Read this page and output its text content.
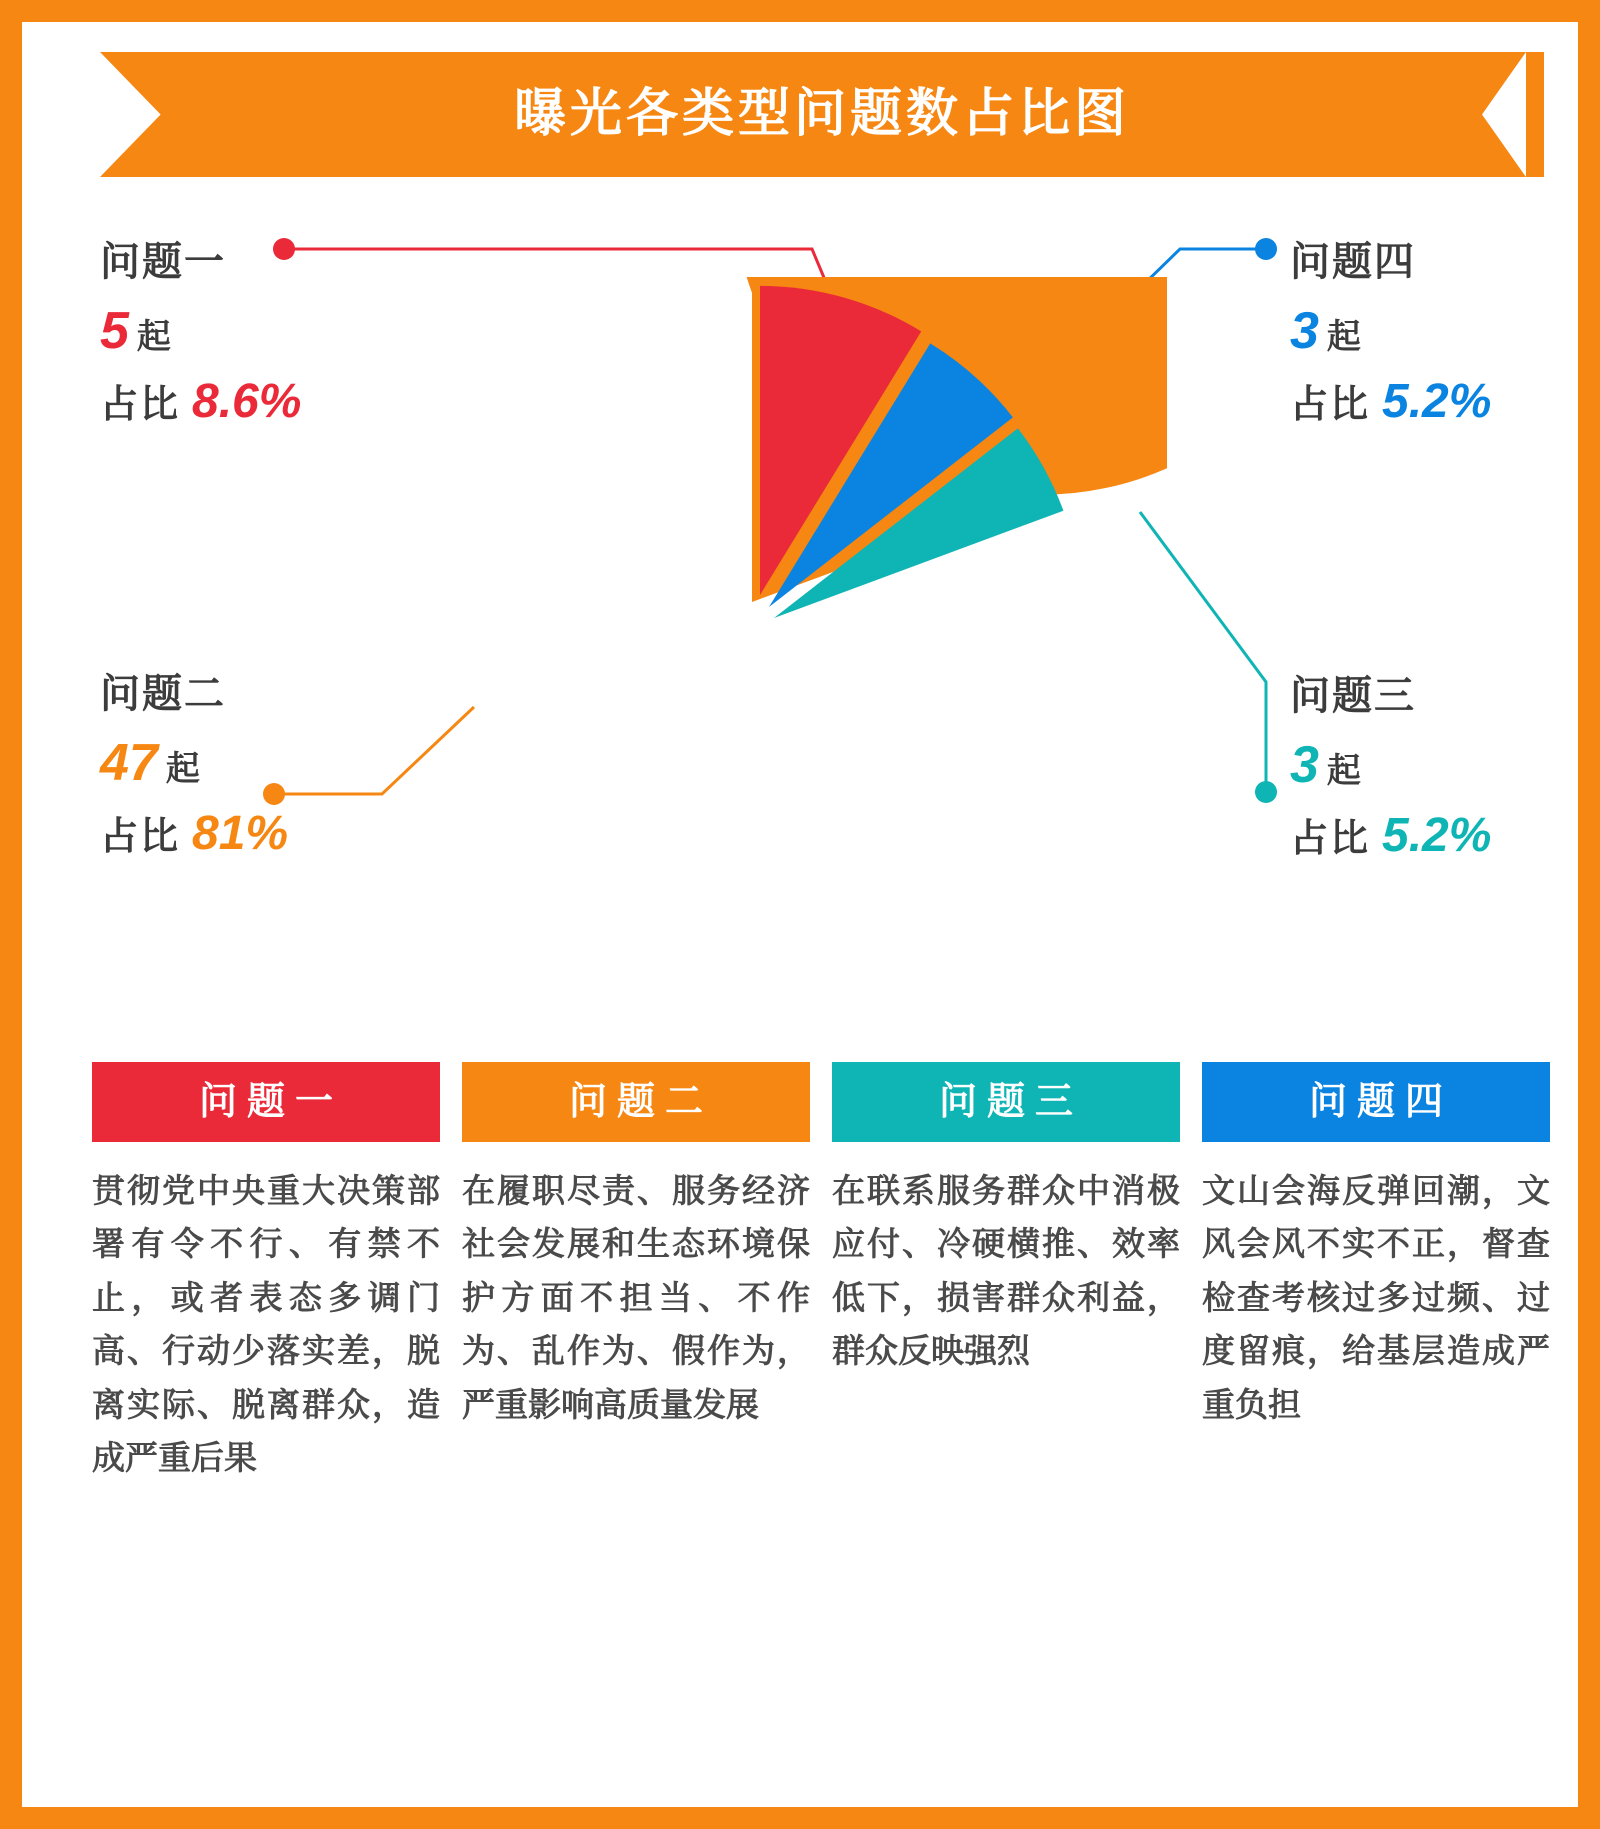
曝光各类型问题数占比图
问题一
5 起
占比 8.6%
问题二
47 起
占比 81%
问题三
3 起
占比 5.2%
问题四
3 起
占比 5.2%
问题一
贯彻党中央重大决策部署有令不行、有禁不止，或者表态多调门高、行动少落实差，脱离实际、脱离群众，造成严重后果
问题二
在履职尽责、服务经济社会发展和生态环境保护方面不担当、不作为、乱作为、假作为，严重影响高质量发展
问题三
在联系服务群众中消极应付、冷硬横推、效率低下，损害群众利益，群众反映强烈
问题四
文山会海反弹回潮，文风会风不实不正，督查检查考核过多过频、过度留痕，给基层造成严重负担
